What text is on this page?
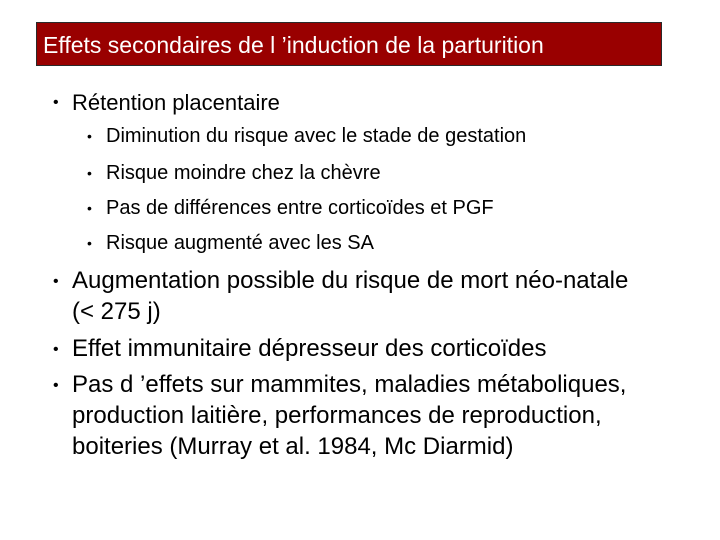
Effets secondaires de l ’induction de la parturition
• Rétention placentaire
• Diminution du risque avec le stade de gestation
• Risque moindre chez la chèvre
• Pas de différences entre corticoïdes et PGF
• Risque augmenté avec les SA
• Augmentation possible du risque de mort néo-natale
(< 275 j)
• Effet immunitaire dépresseur des corticoïdes
• Pas d ’effets sur mammites, maladies métaboliques,
production laitière, performances de reproduction,
boiteries (Murray et al. 1984, Mc Diarmid)
